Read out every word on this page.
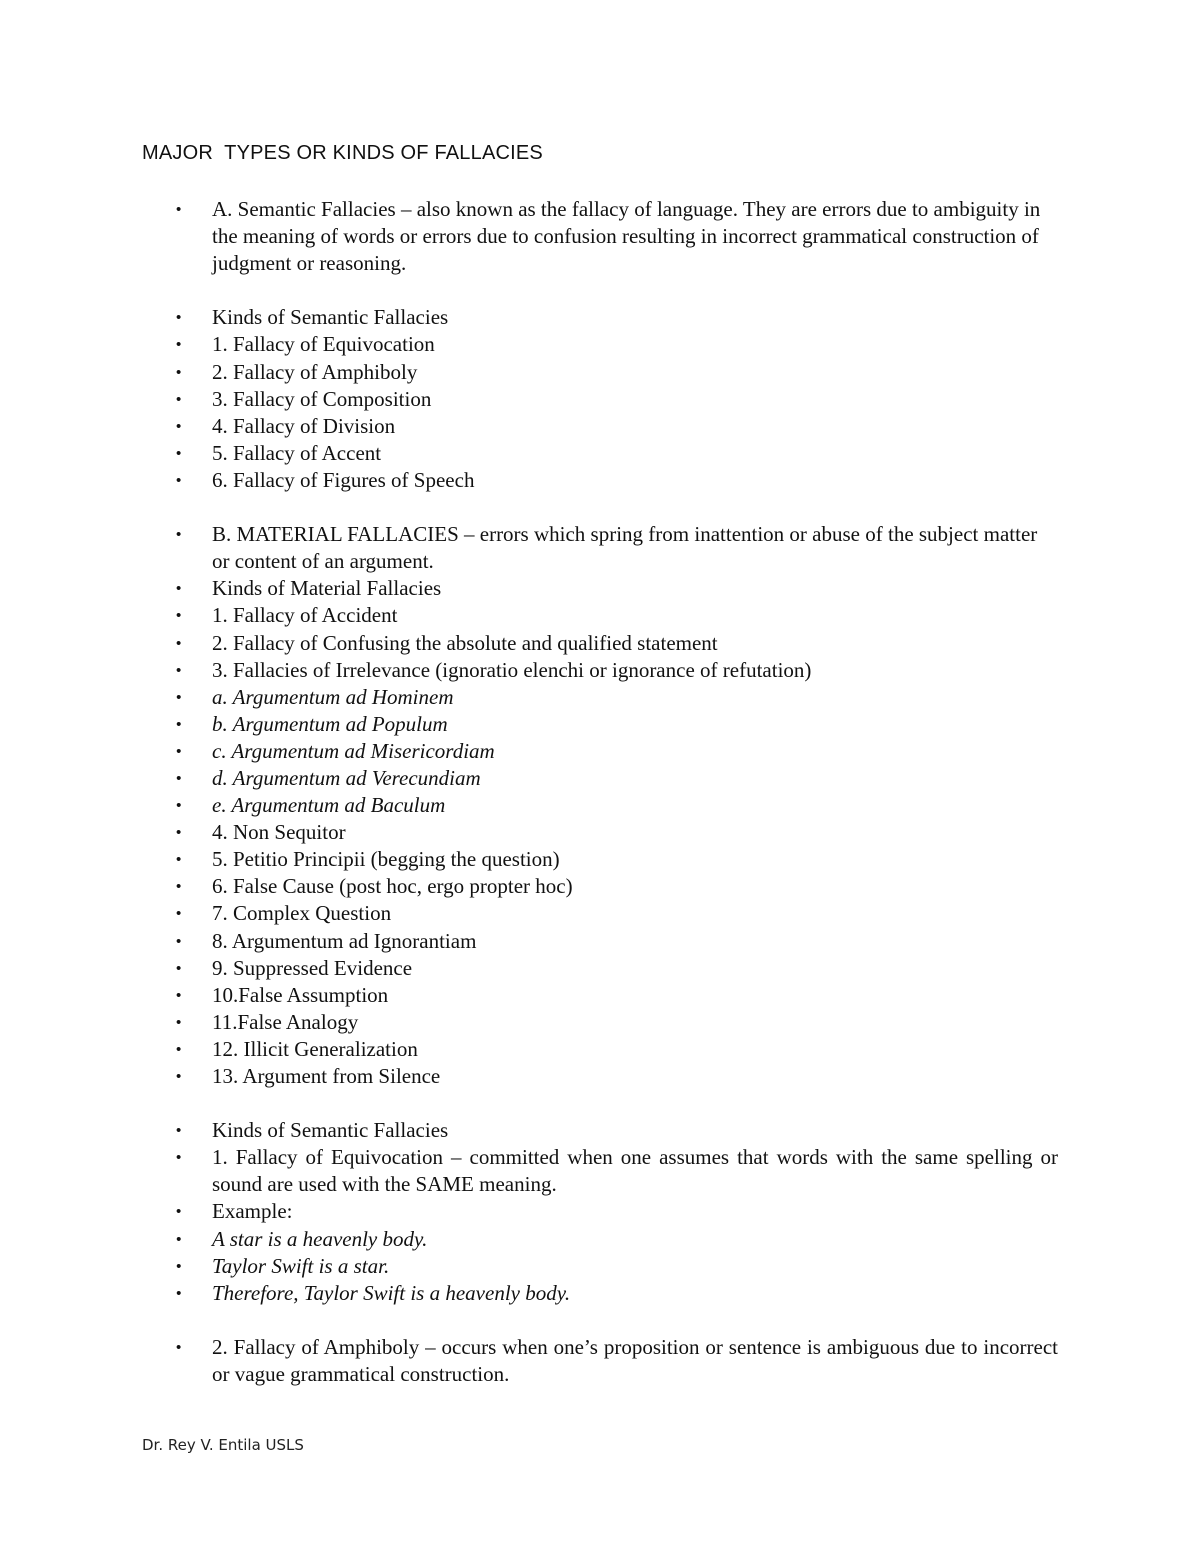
MAJOR  TYPES OR KINDS OF FALLACIES
• A. Semantic Fallacies – also known as the fallacy of language. They are errors due to ambiguity in the meaning of words or errors due to confusion resulting in incorrect grammatical construction of judgment or reasoning.
• Kinds of Semantic Fallacies
• 1. Fallacy of Equivocation
• 2. Fallacy of Amphiboly
• 3. Fallacy of Composition
• 4. Fallacy of Division
• 5. Fallacy of Accent
• 6. Fallacy of Figures of Speech
• B. MATERIAL FALLACIES – errors which spring from inattention or abuse of the subject matter or content of an argument.
• Kinds of Material Fallacies
• 1. Fallacy of Accident
• 2. Fallacy of Confusing the absolute and qualified statement
• 3. Fallacies of Irrelevance (ignoratio elenchi or ignorance of refutation)
• a. Argumentum ad Hominem
• b. Argumentum ad Populum
• c. Argumentum ad Misericordiam
• d. Argumentum ad Verecundiam
• e. Argumentum ad Baculum
• 4. Non Sequitor
• 5. Petitio Principii (begging the question)
• 6. False Cause (post hoc, ergo propter hoc)
• 7. Complex Question
• 8. Argumentum ad Ignorantiam
• 9. Suppressed Evidence
• 10.False Assumption
• 11.False Analogy
• 12. Illicit Generalization
• 13. Argument from Silence
• Kinds of Semantic Fallacies
• 1. Fallacy of Equivocation – committed when one assumes that words with the same spelling or sound are used with the SAME meaning.
• Example:
• A star is a heavenly body.
• Taylor Swift is a star.
• Therefore, Taylor Swift is a heavenly body.
• 2. Fallacy of Amphiboly – occurs when one’s proposition or sentence is ambiguous due to incorrect or vague grammatical construction.
Dr. Rey V. Entila USLS
